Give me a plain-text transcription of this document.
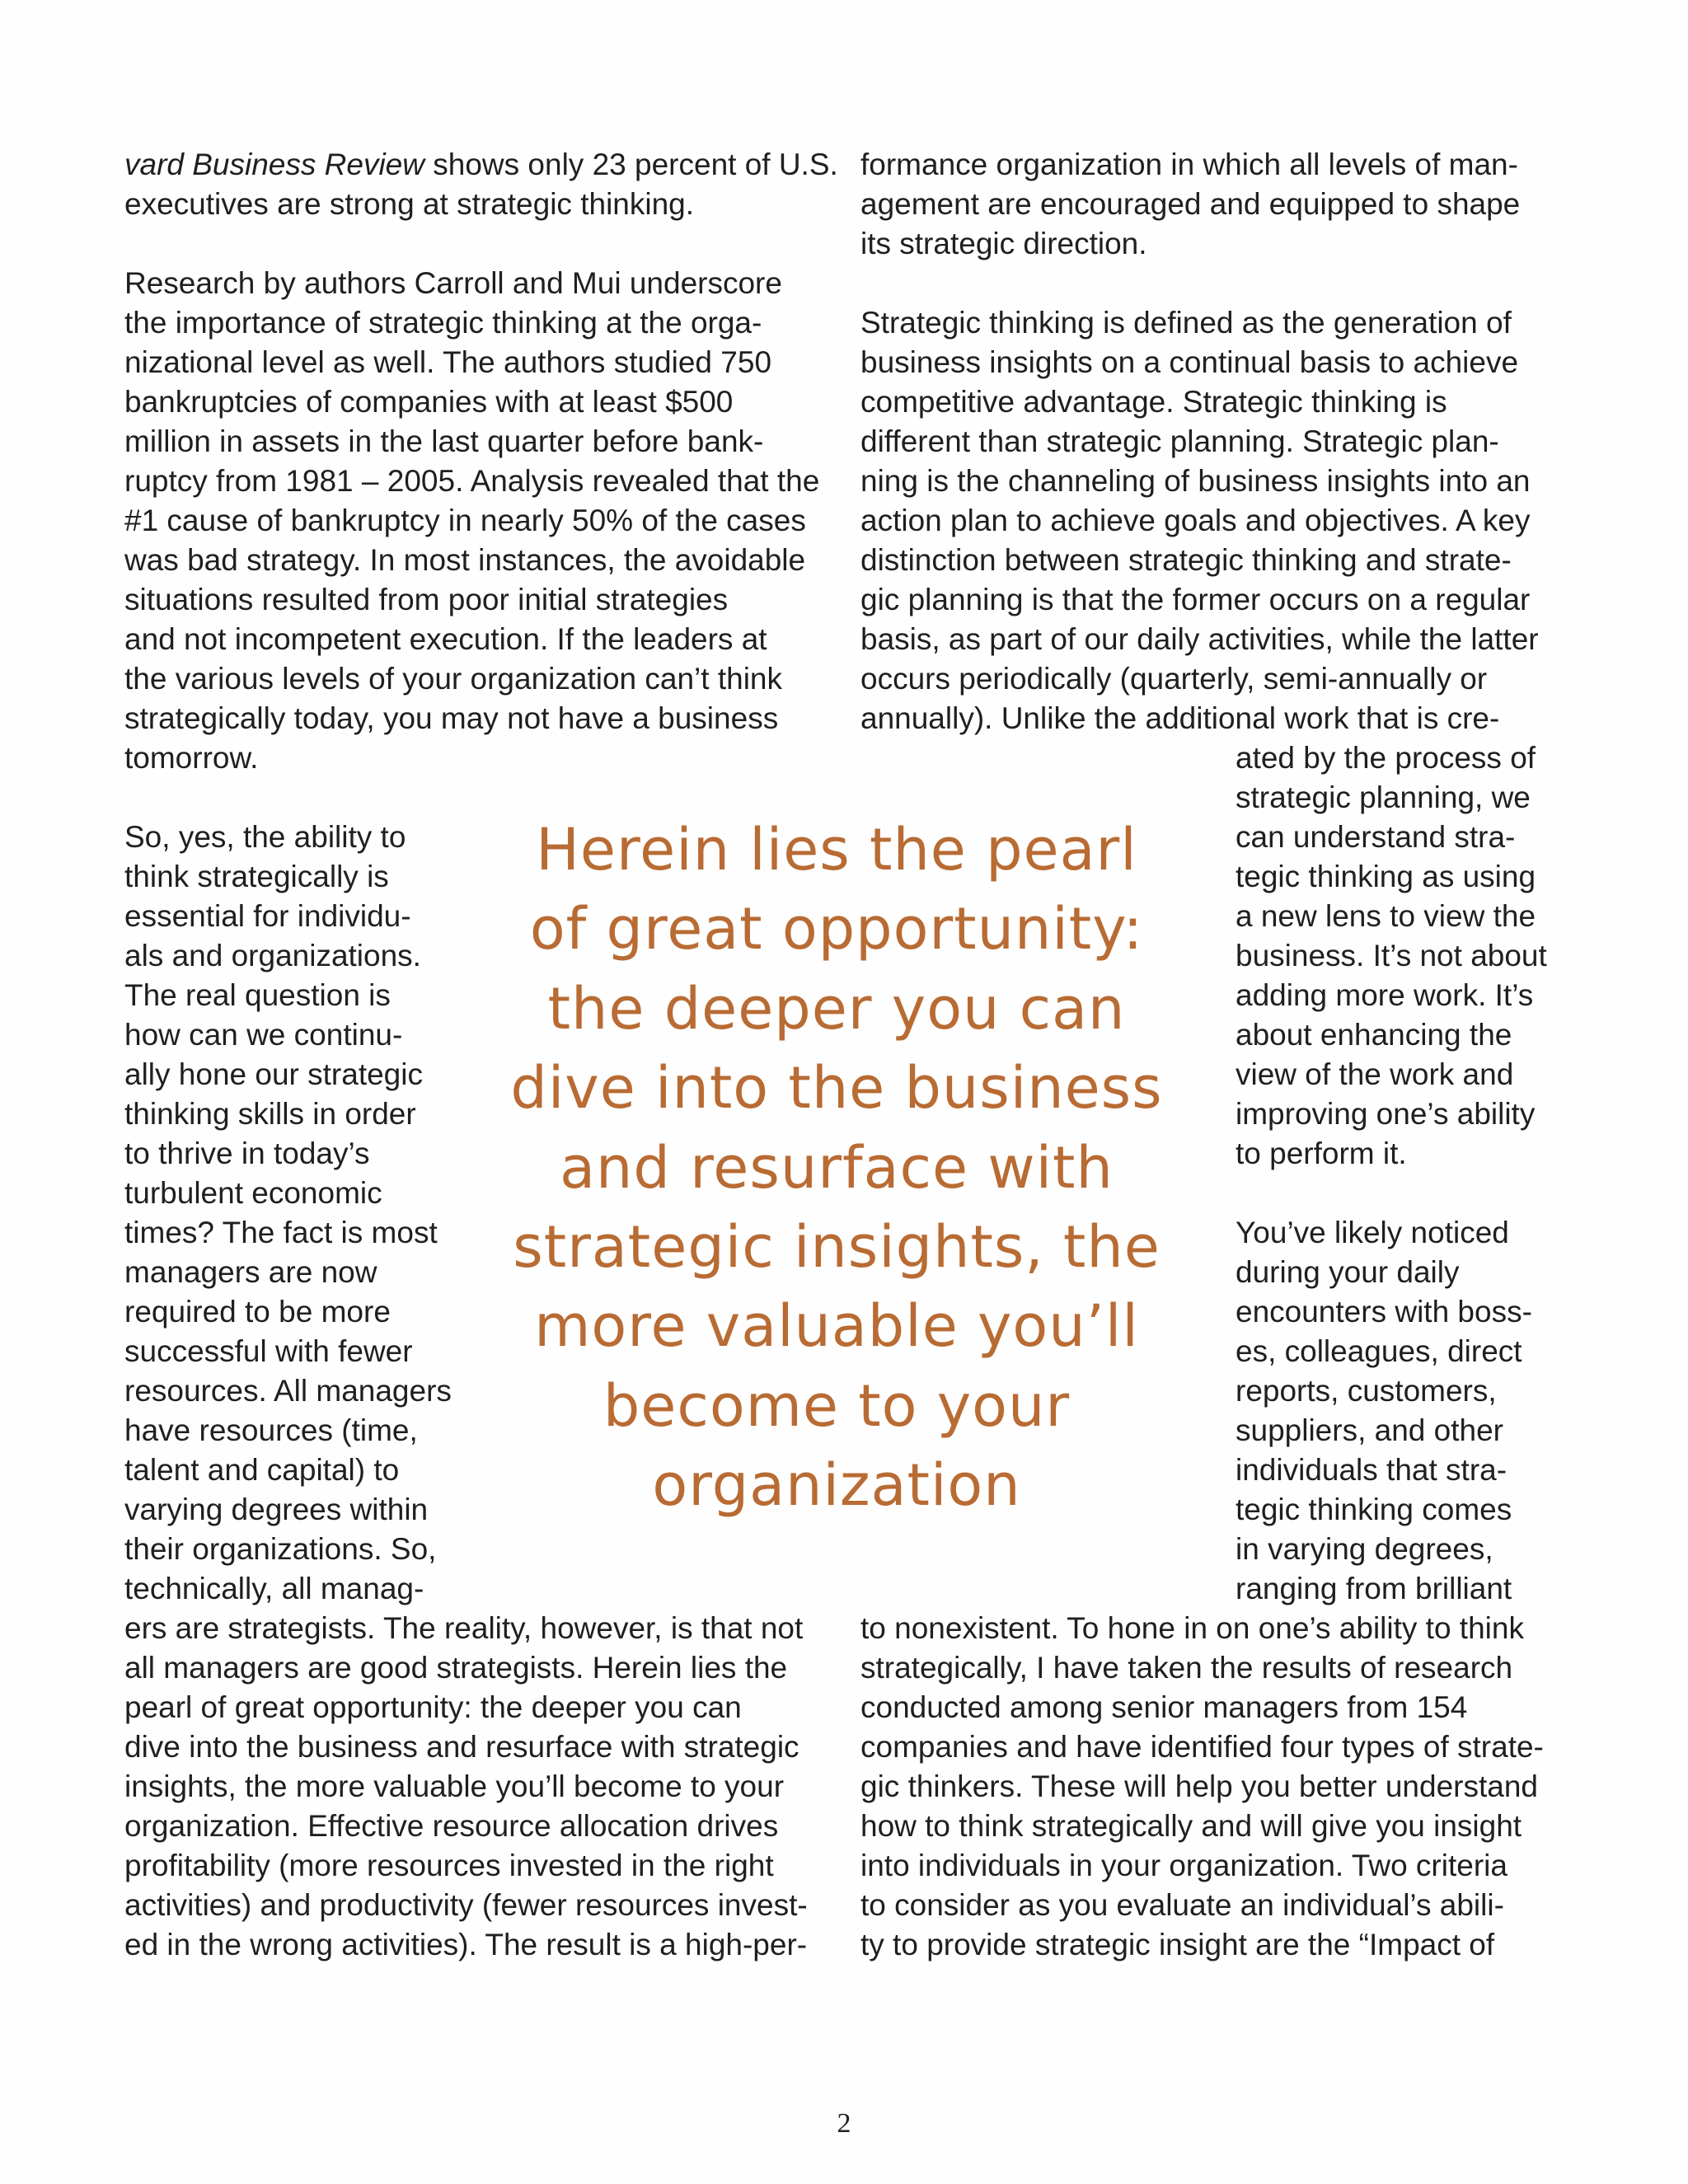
vard Business Review shows only 23 percent of U.S.

executives are strong at strategic thinking.

Research by authors Carroll and Mui underscore

the importance of strategic thinking at the orga-

nizational level as well. The authors studied 750

bankruptcies of companies with at least $500

million in assets in the last quarter before bank-

ruptcy from 1981 – 2005. Analysis revealed that the

#1 cause of bankruptcy in nearly 50% of the cases

was bad strategy. In most instances, the avoidable

situations resulted from poor initial strategies

and not incompetent execution. If the leaders at

the various levels of your organization can’t think

strategically today, you may not have a business

tomorrow.

So, yes, the ability to

think strategically is

essential for individu-

als and organizations.

The real question is

how can we continu-

ally hone our strategic

thinking skills in order

to thrive in today’s

turbulent economic

times? The fact is most

managers are now

required to be more

successful with fewer

resources. All managers

have resources (time,

talent and capital) to

varying degrees within

their organizations. So,

technically, all manag-

ers are strategists. The reality, however, is that not

all managers are good strategists. Herein lies the

pearl of great opportunity: the deeper you can

dive into the business and resurface with strategic

insights, the more valuable you’ll become to your

organization. Effective resource allocation drives

profitability (more resources invested in the right

activities) and productivity (fewer resources invest-

ed in the wrong activities). The result is a high-per-

formance organization in which all levels of man-

agement are encouraged and equipped to shape

its strategic direction.

Strategic thinking is defined as the generation of

business insights on a continual basis to achieve

competitive advantage. Strategic thinking is

different than strategic planning. Strategic plan-

ning is the channeling of business insights into an

action plan to achieve goals and objectives. A key

distinction between strategic thinking and strate-

gic planning is that the former occurs on a regular

basis, as part of our daily activities, while the latter

occurs periodically (quarterly, semi-annually or

annually). Unlike the additional work that is cre-

ated by the process of

strategic planning, we

can understand stra-

tegic thinking as using

a new lens to view the

business. It’s not about

adding more work. It’s

about enhancing the

view of the work and

improving one’s ability

to perform it.

You’ve likely noticed

during your daily

encounters with boss-

es, colleagues, direct

reports, customers,

suppliers, and other

individuals that stra-

tegic thinking comes

in varying degrees,

ranging from brilliant

to nonexistent. To hone in on one’s ability to think

strategically, I have taken the results of research

conducted among senior managers from 154

companies and have identified four types of strate-

gic thinkers. These will help you better understand

how to think strategically and will give you insight

into individuals in your organization. Two criteria

to consider as you evaluate an individual’s abili-

ty to provide strategic insight are the “Impact of

Herein lies the pearl
of great opportunity:
the deeper you can
dive into the business
and resurface with
strategic insights, the
more valuable you’ll
become to your
organization

2
